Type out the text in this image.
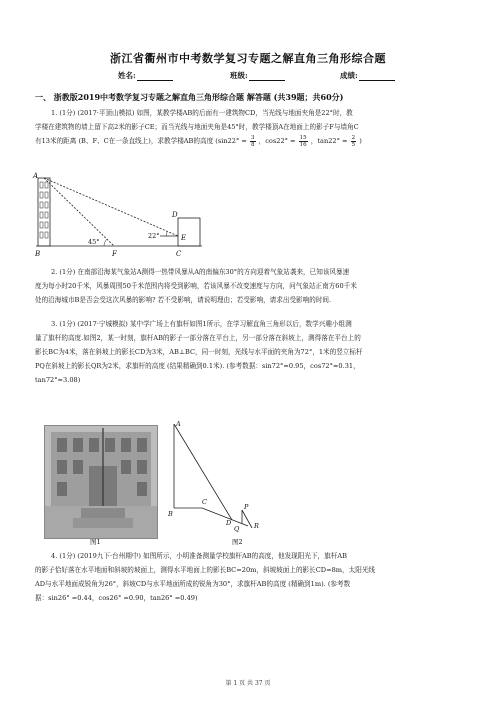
浙江省衢州市中考数学复习专题之解直角三角形综合题
姓名:	班级:	成绩:
一、 浙教版2019中考数学复习专题之解直角三角形综合题 解答题 (共39题；共60分)
1. (1分) (2017·平顶山模拟) 如图，某教学楼AB的后面有一建筑物CD，当光线与地面夹角是22°时，教
学楼在建筑物的墙上留下高2米的影子CE；而当光线与地面夹角是45°时，教学楼顶A在地面上的影子F与墙角C
有13米的距离 (B、F、C在一条直线上)，求教学楼AB的高度 ($\sin 22^\circ \approx \frac{3}{8}$ ，$\cos 22^\circ \approx \frac{15}{16}$ ，$\tan 22^\circ \approx \frac{2}{5}$ )
A
B	F	C
D
E
45°
22°
2. (1分) 在南部沿海某气象站A测得一热带风暴从A的南偏东30°的方向迎着气象站袭来，已知该风暴速
度为每小时20千米，风暴周围50千米范围内将受到影响，若该风暴不改变速度与方向，问气象站正南方60千米
处的沿海城市B是否会受这次风暴的影响? 若不受影响，请说明理由；若受影响，请求出受影响的时间.
3. (1分) (2017·宁城模拟) 某中学广场上有旗杆如图1所示，在学习解直角三角形以后，数学兴趣小组测
量了旗杆的高度.如图2，某一时刻，旗杆AB的影子一部分落在平台上，另一部分落在斜坡上，测得落在平台上的
影长BC为4米，落在斜坡上的影长CD为3米，AB⊥BC，同一时刻，光线与水平面的夹角为72°，1米的竖立标杆
PQ在斜坡上的影长QR为2米，求旗杆的高度 (结果精确到0.1米). (参考数据：sin72°≈0.95，cos72°≈0.31，
tan72°≈3.08)
图1
A
B
C
D
P
Q R
图2
4. (1分) (2019九下·台州期中) 如图所示，小明准备测量学校旗杆AB的高度，他发现阳光下，旗杆AB
的影子恰好落在水平地面和斜坡的坡面上，测得水平地面上的影长BC=20m，斜坡坡面上的影长CD=8m，太阳光线
AD与水平地面成锐角为26°，斜坡CD与水平地面所成的锐角为30°，求旗杆AB的高度 (精确到1m). (参考数
据：sin26° =0.44，cos26° =0.90，tan26° =0.49)
第 1 页 共 37 页
